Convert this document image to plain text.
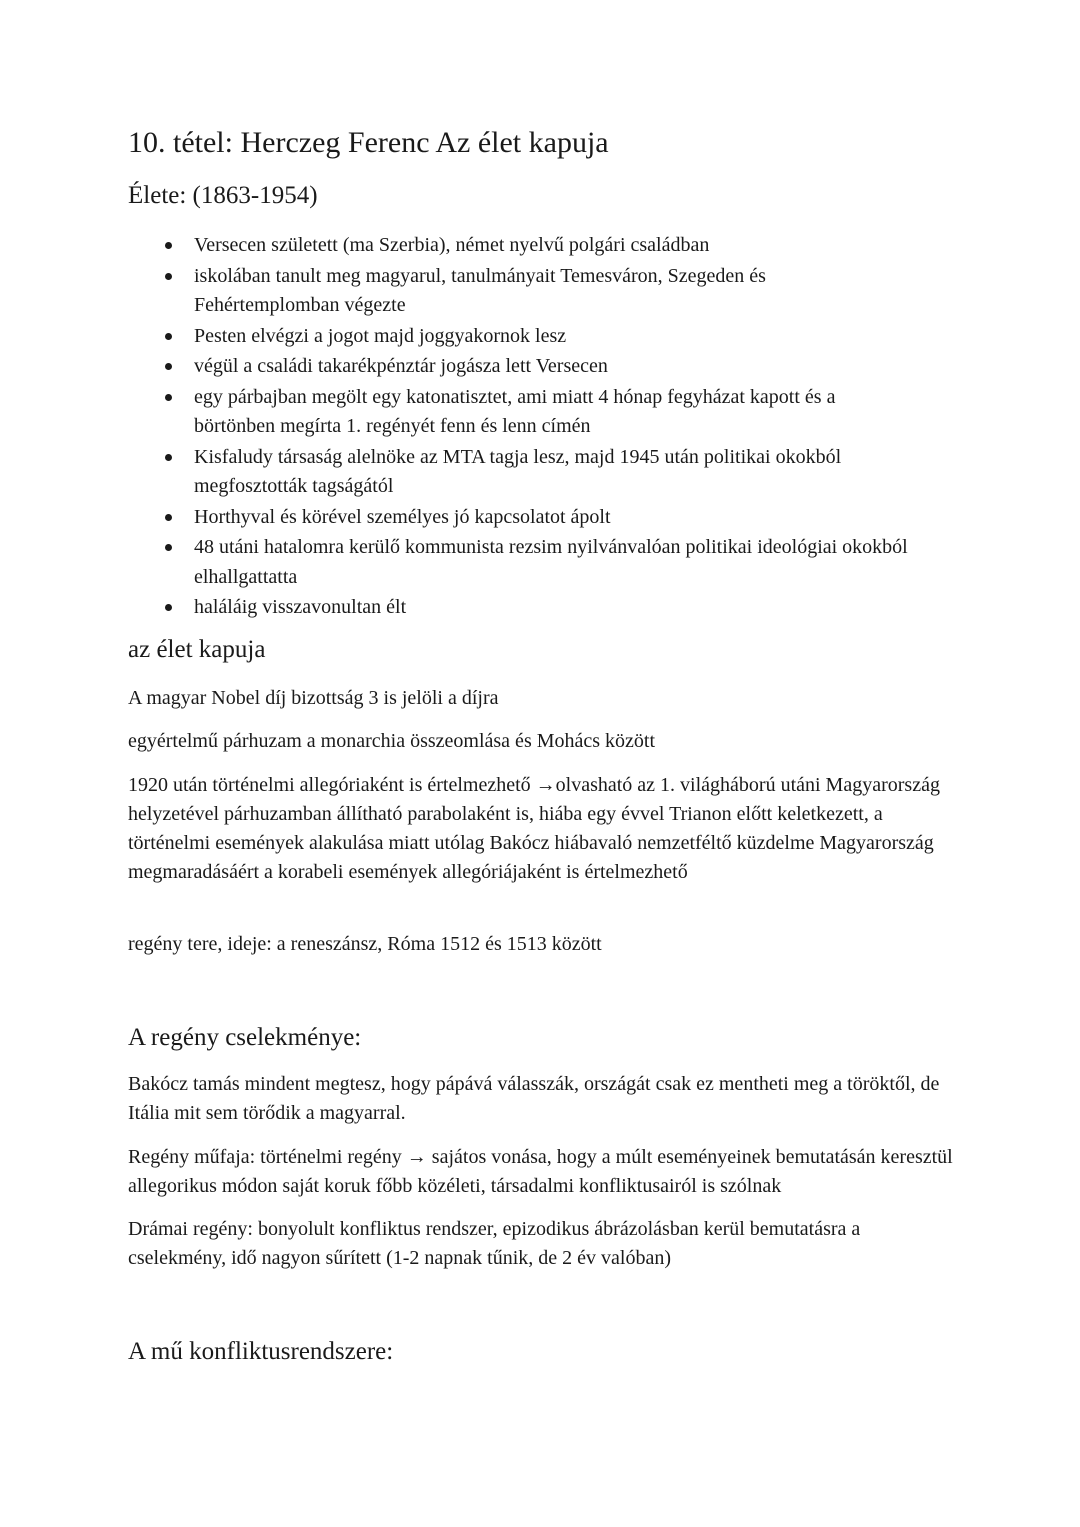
10. tétel: Herczeg Ferenc Az élet kapuja
Élete: (1863-1954)
Versecen született (ma Szerbia), német nyelvű polgári családban
iskolában tanult meg magyarul, tanulmányait Temesváron, Szegeden és Fehértemplomban végezte
Pesten elvégzi a jogot majd joggyakornok lesz
végül a családi takarékpénztár jogásza lett Versecen
egy párbajban megölt egy katonatisztet, ami miatt 4 hónap fegyházat kapott és a börtönben megírta 1. regényét fenn és lenn címén
Kisfaludy társaság alelnöke az MTA tagja lesz, majd 1945 után politikai okokból megfosztották tagságától
Horthyval és körével személyes jó kapcsolatot ápolt
48 utáni hatalomra kerülő kommunista rezsim nyilvánvalóan politikai ideológiai okokból elhallgattatta
haláláig visszavonultan élt
az élet kapuja

A magyar Nobel díj bizottság 3 is jelöli a díjra

egyértelmű párhuzam a monarchia összeomlása és Mohács között

1920 után történelmi allegóriaként is értelmezhető →olvasható az 1. világháború utáni Magyarország helyzetével párhuzamban állítható parabolaként is, hiába egy évvel Trianon előtt keletkezett, a történelmi események alakulása miatt utólag Bakócz hiábavaló nemzetféltő küzdelme Magyarország megmaradásáért a korabeli események allegóriájaként is értelmezhető

regény tere, ideje: a reneszánsz, Róma 1512 és 1513 között

A regény cselekménye:

Bakócz tamás mindent megtesz, hogy pápává válasszák, országát csak ez mentheti meg a töröktől, de Itália mit sem törődik a magyarral.

Regény műfaja: történelmi regény → sajátos vonása, hogy a múlt eseményeinek bemutatásán keresztül allegorikus módon saját koruk főbb közéleti, társadalmi konfliktusairól is szólnak

Drámai regény: bonyolult konfliktus rendszer, epizodikus ábrázolásban kerül bemutatásra a cselekmény, idő nagyon sűrített (1-2 napnak tűnik, de 2 év valóban)

A mű konfliktusrendszere:
